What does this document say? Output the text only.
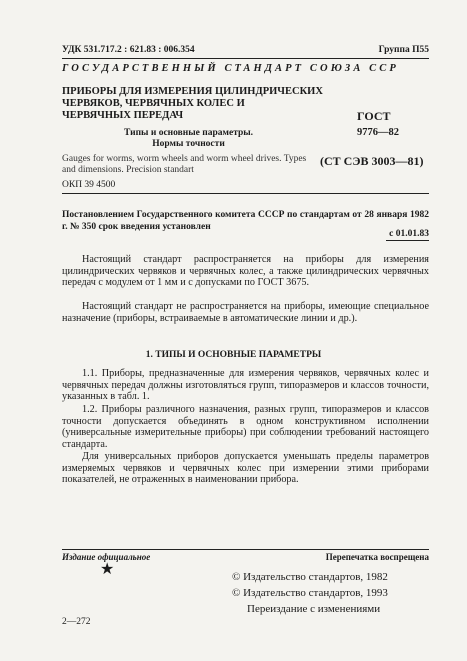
УДК 531.717.2 : 621.83 : 006.354	Группа П55
ГОСУДАРСТВЕННЫЙ СТАНДАРТ СОЮЗА ССР
ПРИБОРЫ ДЛЯ ИЗМЕРЕНИЯ ЦИЛИНДРИЧЕСКИХ
ЧЕРВЯКОВ, ЧЕРВЯЧНЫХ КОЛЕС И
ЧЕРВЯЧНЫХ ПЕРЕДАЧ
Типы и основные параметры.
Нормы точности
Gauges for worms, worm wheels and worm wheel drives. Types and dimensions. Precision standart
ОКП 39 4500
ГОСТ
9776—82
(СТ СЭВ 3003—81)
Постановлением Государственного комитета СССР по стандартам от 28 января 1982 г. № 350 срок введения установлен
с 01.01.83
Настоящий стандарт распространяется на приборы для измерения цилиндрических червяков и червячных колес, а также цилиндрических червячных передач с модулем от 1 мм и с допусками по ГОСТ 3675.
Настоящий стандарт не распространяется на приборы, имеющие специальное назначение (приборы, встраиваемые в автоматические линии и др.).
1. ТИПЫ И ОСНОВНЫЕ ПАРАМЕТРЫ
1.1. Приборы, предназначенные для измерения червяков, червячных колес и червячных передач должны изготовляться групп, типоразмеров и классов точности, указанных в табл. 1.
1.2. Приборы различного назначения, разных групп, типоразмеров и классов точности допускается объединять в одном конструктивном исполнении (универсальные измерительные приборы) при соблюдении требований настоящего стандарта.
Для универсальных приборов допускается уменьшать пределы параметров измеряемых червяков и червячных колес при измерении этими приборами показателей, не отраженных в наименовании прибора.
Издание официальное	Перепечатка воспрещена
★	© Издательство стандартов, 1982
© Издательство стандартов, 1993
Переиздание с изменениями
2—272
